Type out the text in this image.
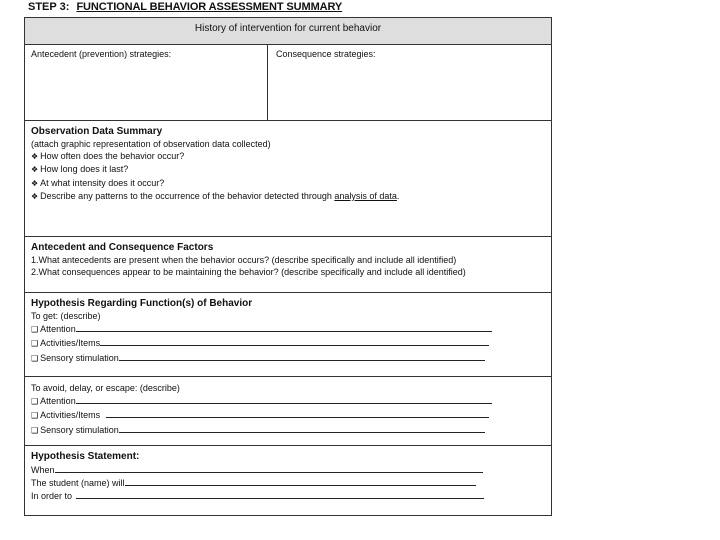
STEP 3: FUNCTIONAL BEHAVIOR ASSESSMENT SUMMARY
History of intervention for current behavior
Antecedent (prevention) strategies:	Consequence strategies:
Observation Data Summary
(attach graphic representation of observation data collected)
❖ How often does the behavior occur?
❖ How long does it last?
❖ At what intensity does it occur?
❖ Describe any patterns to the occurrence of the behavior detected through analysis of data.
Antecedent and Consequence Factors
1.What antecedents are present when the behavior occurs? (describe specifically and include all identified)
2.What consequences appear to be maintaining the behavior? (describe specifically and include all identified)
Hypothesis Regarding Function(s) of Behavior
To get: (describe)
❑ Attention
❑ Activities/Items
❑ Sensory stimulation
To avoid, delay, or escape: (describe)
❑ Attention
❑ Activities/Items
❑ Sensory stimulation
Hypothesis Statement:
When
The student (name) will
In order to
